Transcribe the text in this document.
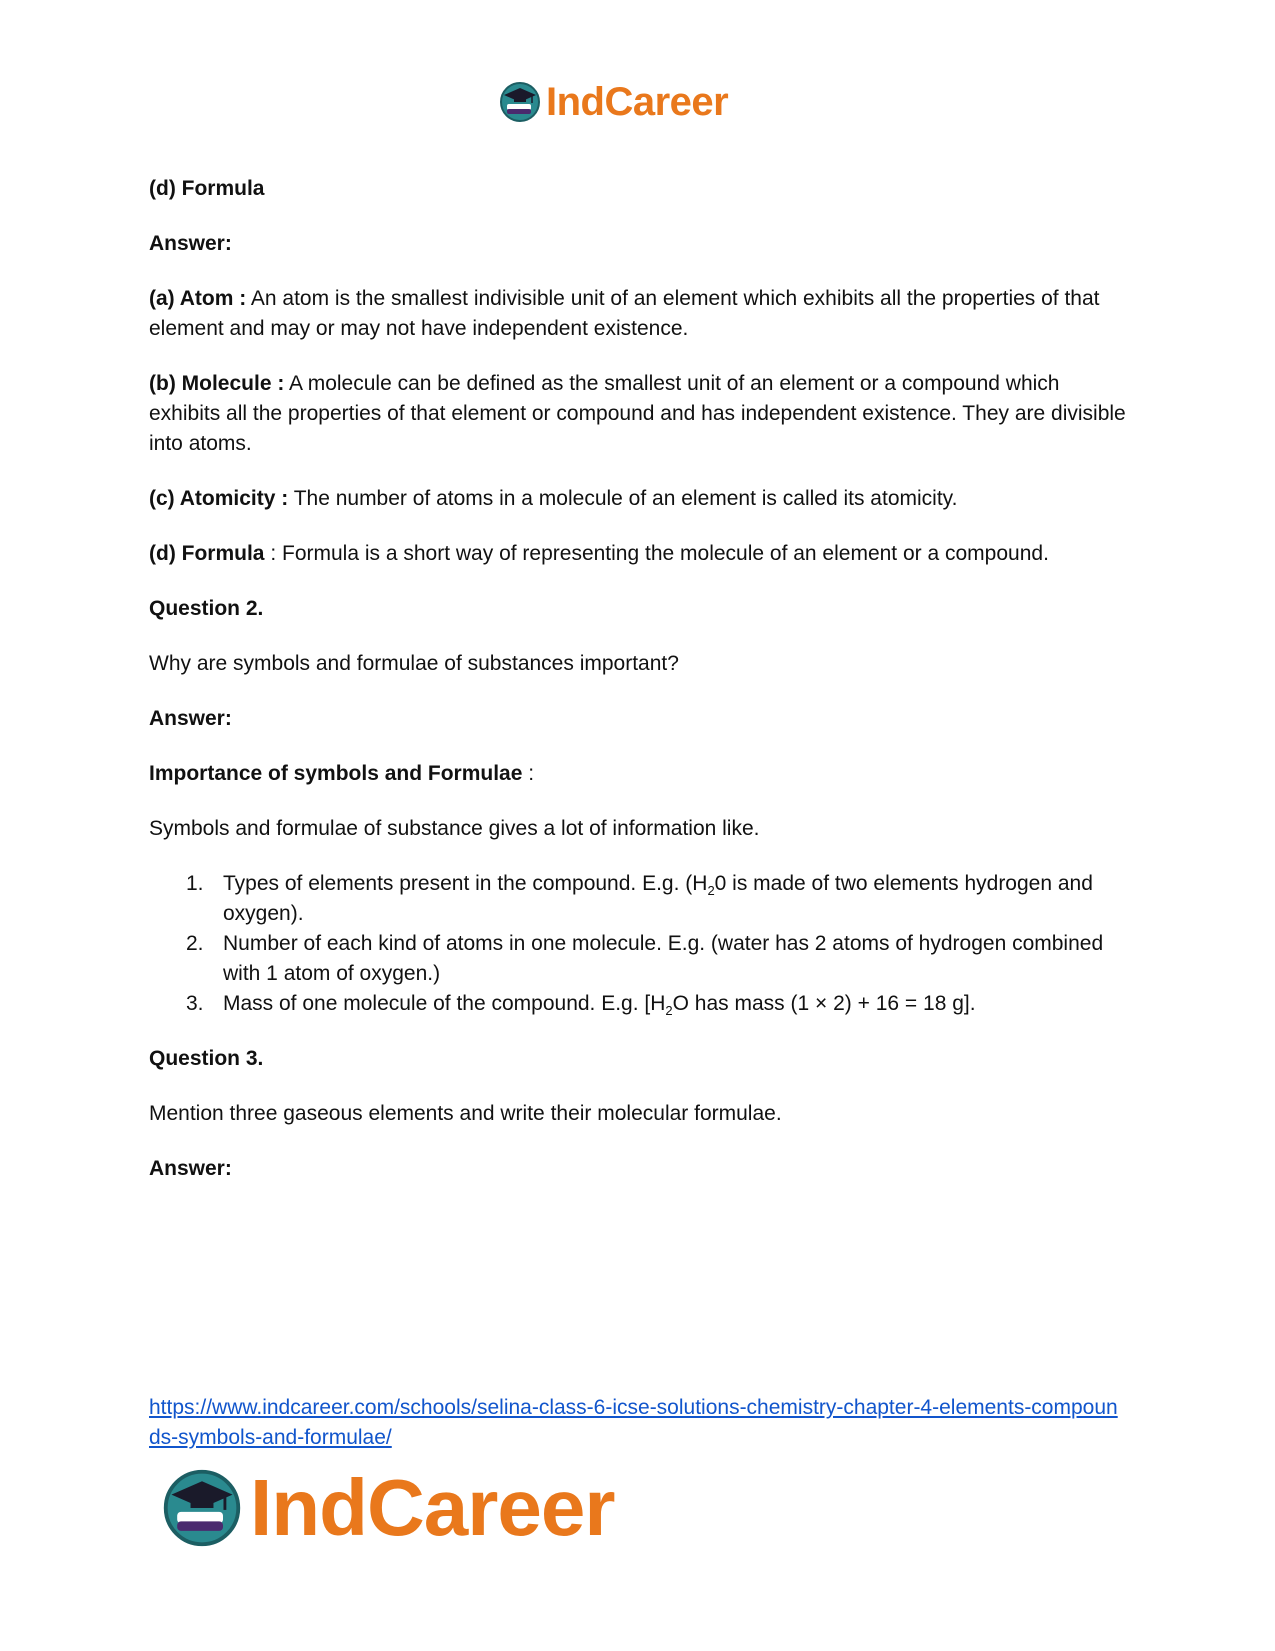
IndCareer

(d) Formula

Answer:

(a) Atom : An atom is the smallest indivisible unit of an element which exhibits all the properties of that element and may or may not have independent existence.

(b) Molecule : A molecule can be defined as the smallest unit of an element or a compound which exhibits all the properties of that element or compound and has independent existence. They are divisible into atoms.

(c) Atomicity : The number of atoms in a molecule of an element is called its atomicity.

(d) Formula : Formula is a short way of representing the molecule of an element or a compound.

Question 2.

Why are symbols and formulae of substances important?

Answer:

Importance of symbols and Formulae :

Symbols and formulae of substance gives a lot of information like.

1. Types of elements present in the compound. E.g. ($H_20$ is made of two elements hydrogen and oxygen).
2. Number of each kind of atoms in one molecule. E.g. (water has 2 atoms of hydrogen combined with 1 atom of oxygen.)
3. Mass of one molecule of the compound. E.g. [$H_2O$ has mass (1 × 2) + 16 = 18 g].

Question 3.

Mention three gaseous elements and write their molecular formulae.

Answer:

https://www.indcareer.com/schools/selina-class-6-icse-solutions-chemistry-chapter-4-elements-compounds-symbols-and-formulae/
IndCareer
